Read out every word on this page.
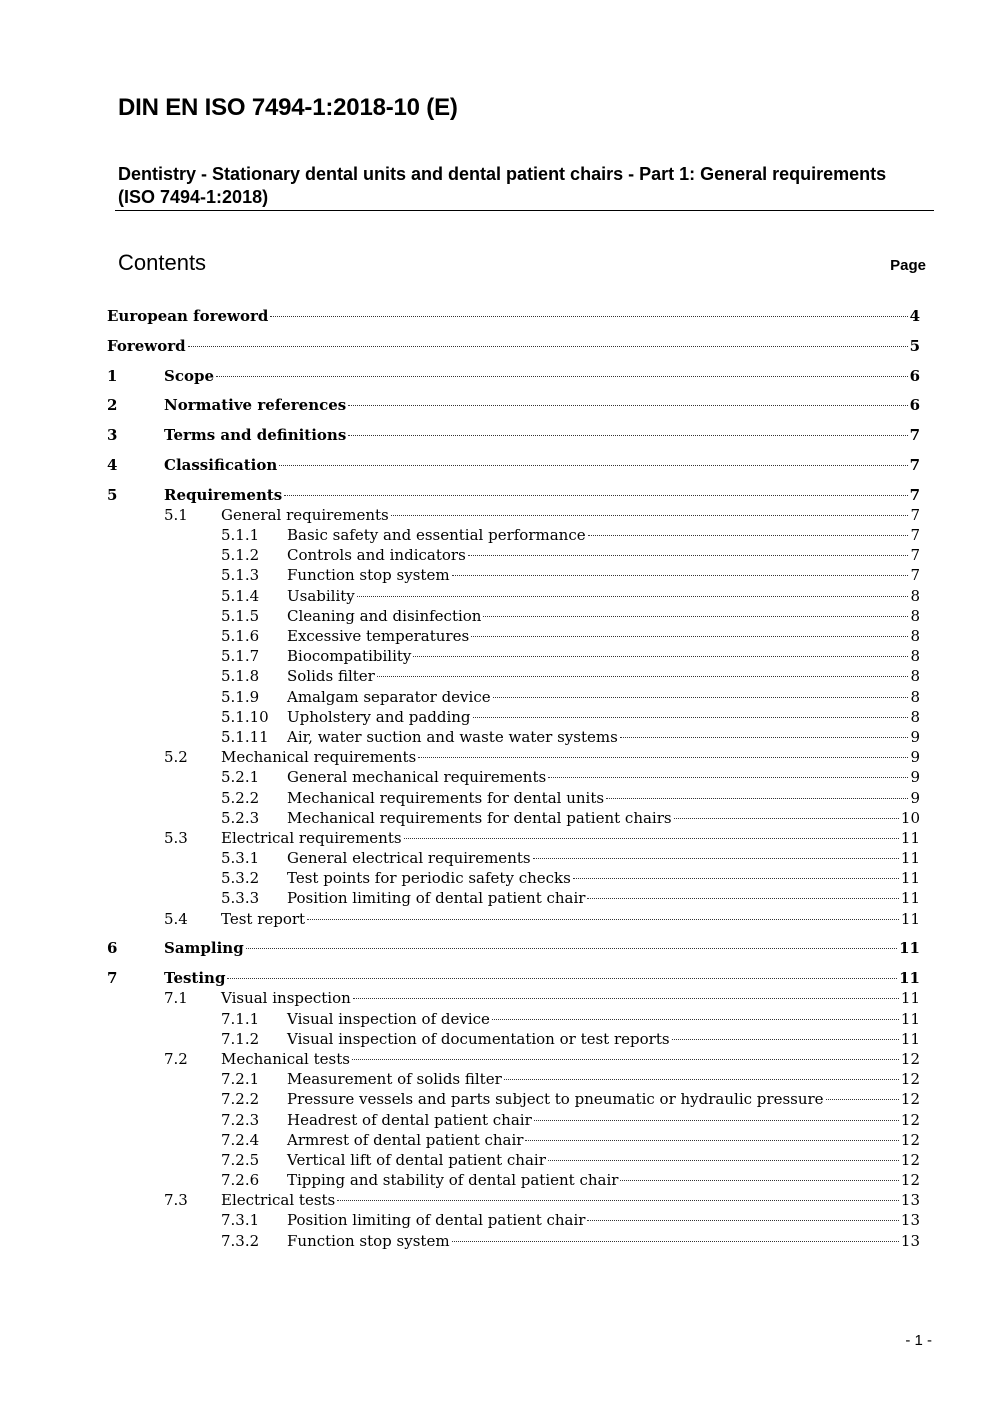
DIN EN ISO 7494-1:2018-10 (E)
Dentistry - Stationary dental units and dental patient chairs - Part 1: General requirements (ISO 7494-1:2018)
Contents	Page
European foreword	4
Foreword	5
1	Scope	6
2	Normative references	6
3	Terms and definitions	7
4	Classification	7
5	Requirements	7
5.1	General requirements	7
5.1.1	Basic safety and essential performance	7
5.1.2	Controls and indicators	7
5.1.3	Function stop system	7
5.1.4	Usability	8
5.1.5	Cleaning and disinfection	8
5.1.6	Excessive temperatures	8
5.1.7	Biocompatibility	8
5.1.8	Solids filter	8
5.1.9	Amalgam separator device	8
5.1.10	Upholstery and padding	8
5.1.11	Air, water suction and waste water systems	9
5.2	Mechanical requirements	9
5.2.1	General mechanical requirements	9
5.2.2	Mechanical requirements for dental units	9
5.2.3	Mechanical requirements for dental patient chairs	10
5.3	Electrical requirements	11
5.3.1	General electrical requirements	11
5.3.2	Test points for periodic safety checks	11
5.3.3	Position limiting of dental patient chair	11
5.4	Test report	11
6	Sampling	11
7	Testing	11
7.1	Visual inspection	11
7.1.1	Visual inspection of device	11
7.1.2	Visual inspection of documentation or test reports	11
7.2	Mechanical tests	12
7.2.1	Measurement of solids filter	12
7.2.2	Pressure vessels and parts subject to pneumatic or hydraulic pressure	12
7.2.3	Headrest of dental patient chair	12
7.2.4	Armrest of dental patient chair	12
7.2.5	Vertical lift of dental patient chair	12
7.2.6	Tipping and stability of dental patient chair	12
7.3	Electrical tests	13
7.3.1	Position limiting of dental patient chair	13
7.3.2	Function stop system	13
- 1 -
